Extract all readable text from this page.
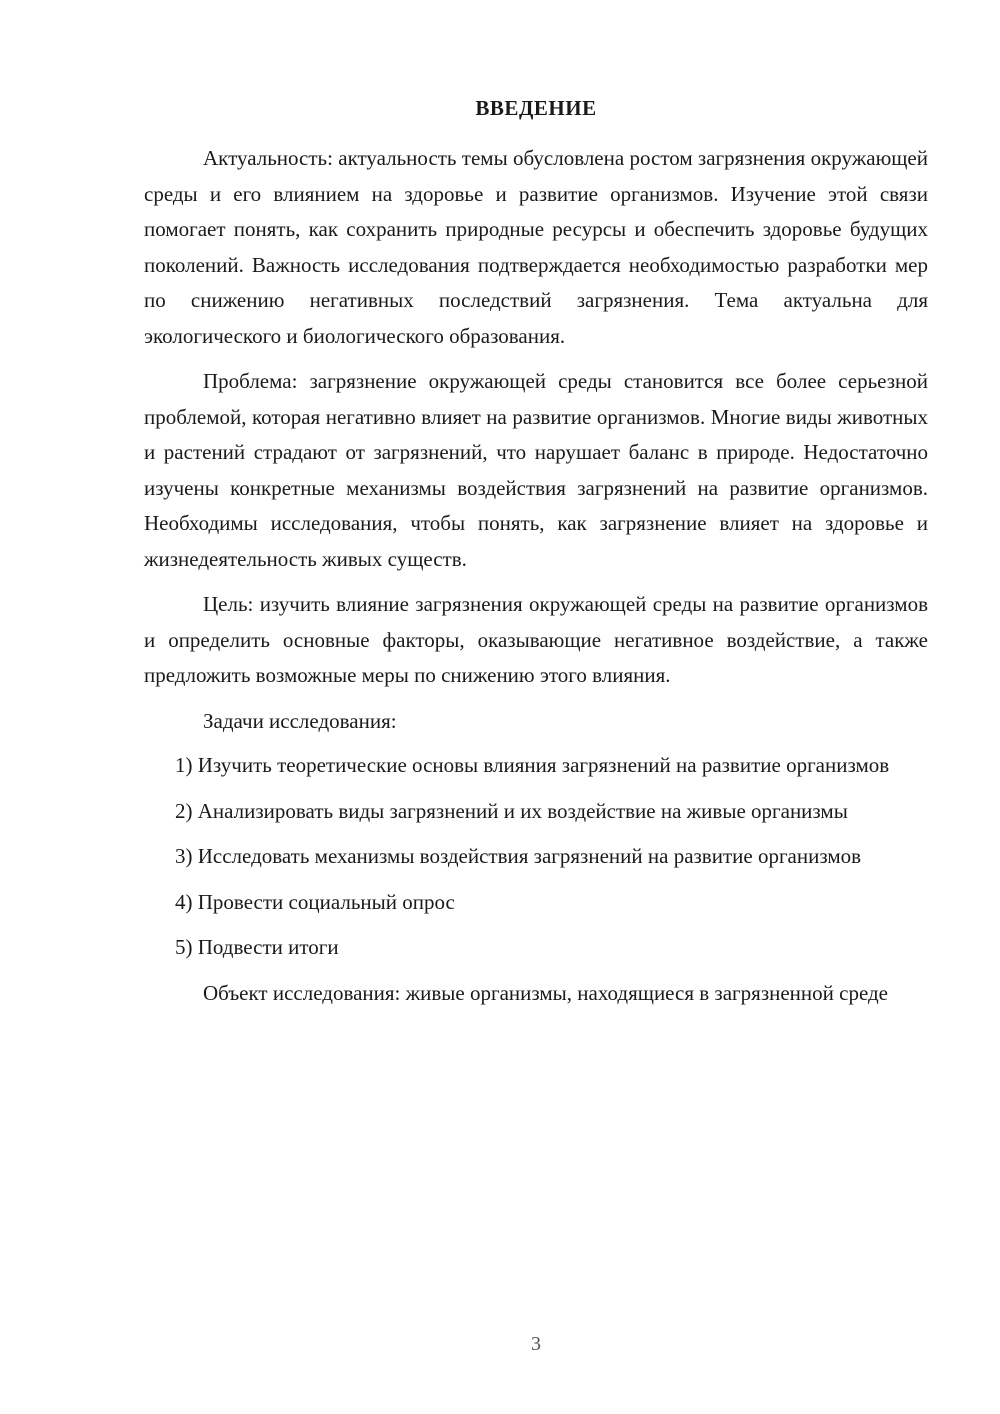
ВВЕДЕНИЕ

Актуальность: актуальность темы обусловлена ростом загрязнения окружающей среды и его влиянием на здоровье и развитие организмов. Изучение этой связи помогает понять, как сохранить природные ресурсы и обеспечить здоровье будущих поколений. Важность исследования подтверждается необходимостью разработки мер по снижению негативных последствий загрязнения. Тема актуальна для экологического и биологического образования.

Проблема: загрязнение окружающей среды становится все более серьезной проблемой, которая негативно влияет на развитие организмов. Многие виды животных и растений страдают от загрязнений, что нарушает баланс в природе. Недостаточно изучены конкретные механизмы воздействия загрязнений на развитие организмов. Необходимы исследования, чтобы понять, как загрязнение влияет на здоровье и жизнедеятельность живых существ.

Цель: изучить влияние загрязнения окружающей среды на развитие организмов и определить основные факторы, оказывающие негативное воздействие, а также предложить возможные меры по снижению этого влияния.

Задачи исследования:

1) Изучить теоретические основы влияния загрязнений на развитие организмов

2) Анализировать виды загрязнений и их воздействие на живые организмы

3) Исследовать механизмы воздействия загрязнений на развитие организмов

4) Провести социальный опрос

5) Подвести итоги

Объект исследования: живые организмы, находящиеся в загрязненной среде

3
